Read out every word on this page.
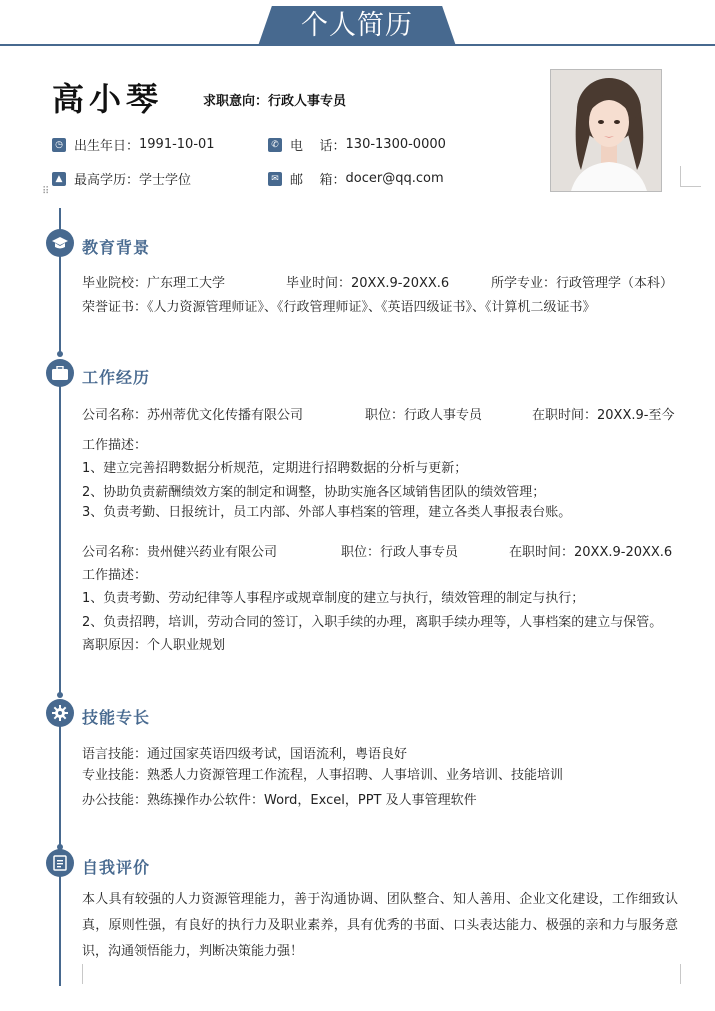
个人简历
高小琴	求职意向：行政人事专员
◷ 出生年日： 1991-10-01	✆ 电    话： 130-1300-0000
▲ 最高学历： 学士学位	✉ 邮    箱： docer@qq.com
⠿
教育背景
毕业院校：广东理工大学	毕业时间：20XX.9-20XX.6	所学专业：行政管理学（本科）
荣誉证书：《人力资源管理师证》、《行政管理师证》、《英语四级证书》、《计算机二级证书》
工作经历
公司名称：苏州蒂优文化传播有限公司	职位：行政人事专员	在职时间：20XX.9-至今
工作描述：
1、建立完善招聘数据分析规范，定期进行招聘数据的分析与更新；
2、协助负责薪酬绩效方案的制定和调整，协助实施各区域销售团队的绩效管理；
3、负责考勤、日报统计，员工内部、外部人事档案的管理，建立各类人事报表台账。
公司名称：贵州健兴药业有限公司	职位：行政人事专员	在职时间：20XX.9-20XX.6
工作描述：
1、负责考勤、劳动纪律等人事程序或规章制度的建立与执行，绩效管理的制定与执行；
2、负责招聘，培训，劳动合同的签订，入职手续的办理，离职手续办理等，人事档案的建立与保管。
离职原因：个人职业规划
技能专长
语言技能：通过国家英语四级考试，国语流利，粤语良好
专业技能：熟悉人力资源管理工作流程，人事招聘、人事培训、业务培训、技能培训
办公技能：熟练操作办公软件：Word，Excel，PPT 及人事管理软件
自我评价
本人具有较强的人力资源管理能力，善于沟通协调、团队整合、知人善用、企业文化建设，工作细致认真，原则性强，有良好的执行力及职业素养，具有优秀的书面、口头表达能力、极强的亲和力与服务意识，沟通领悟能力，判断决策能力强！
